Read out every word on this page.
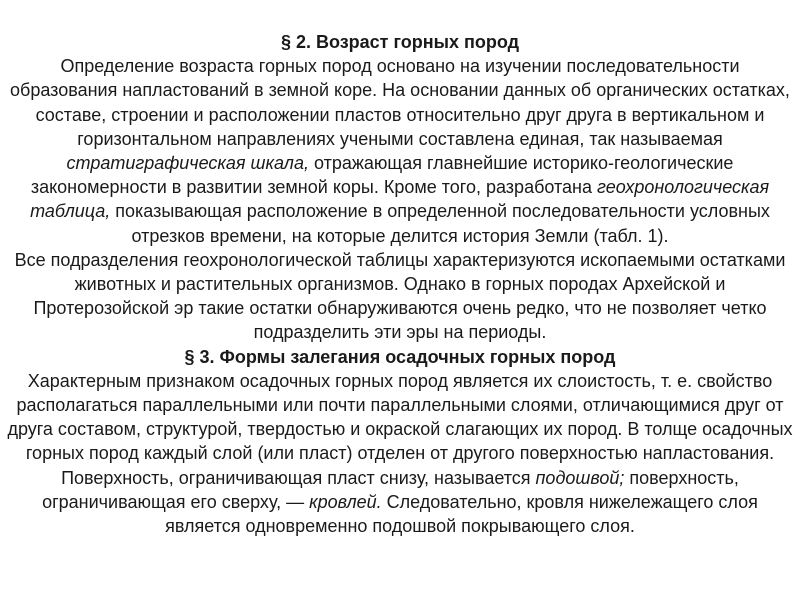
§ 2. Возраст горных пород

Определение возраста горных пород основано на изучении последовательности образования напластований в земной коре. На основании данных об органических остатках, составе, строении и расположении пластов относительно друг друга в вертикальном и горизонтальном направлениях учеными составлена единая, так называемая стратиграфическая шкала, отражающая главнейшие историко-геологические закономерности в развитии земной коры. Кроме того, разработана геохронологическая таблица, показывающая расположение в определенной последовательности условных отрезков времени, на которые делится история Земли (табл. 1).

Все подразделения геохронологической таблицы характеризуются ископаемыми остатками животных и растительных организмов. Однако в горных породах Архейской и Протерозойской эр такие остатки обнаруживаются очень редко, что не позволяет четко подразделить эти эры на периоды.

§ 3. Формы залегания осадочных горных пород

Характерным признаком осадочных горных пород является их слоистость, т. е. свойство располагаться параллельными или почти параллельными слоями, отличающимися друг от друга составом, структурой, твердостью и окраской слагающих их пород. В толще осадочных горных пород каждый слой (или пласт) отделен от другого поверхностью напластования. Поверхность, ограничивающая пласт снизу, называется подошвой; поверхность, ограничивающая его сверху, — кровлей. Следовательно, кровля нижележащего слоя является одновременно подошвой покрывающего слоя.
